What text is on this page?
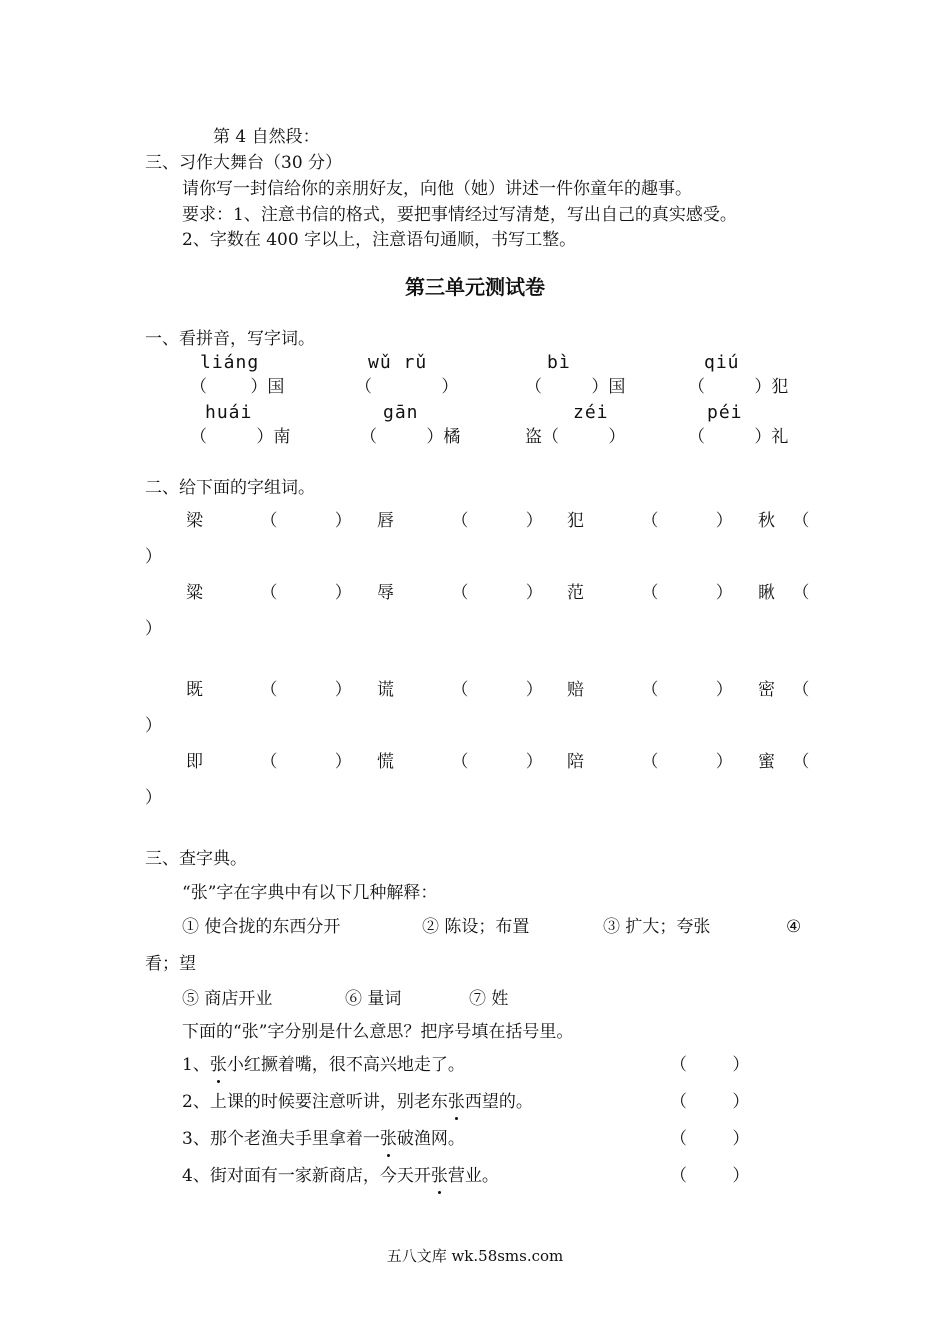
第 4 自然段：
三、习作大舞台（30 分）
请你写一封信给你的亲朋好友，向他（她）讲述一件你童年的趣事。
要求：1、注意书信的格式，要把事情经过写清楚，写出自己的真实感受。
2、字数在 400 字以上，注意语句通顺，书写工整。
第三单元测试卷
一、看拼音，写字词。
liáng	wǔ rǔ	bì	qiú
（ ）国	（ ）	（ ）国	（ ）犯
huái	gān	zéi	péi
（ ）南	（ ）橘	盗（ ）	（ ）礼
二、给下面的字组词。
梁 （ ） 唇 （ ） 犯 （ ） 秋 （
）
粱 （ ） 辱 （ ） 范 （ ） 瞅 （
）
既 （ ） 谎 （ ） 赔 （ ） 密 （
）
即 （ ） 慌 （ ） 陪 （ ） 蜜 （
）
三、查字典。
“张”字在字典中有以下几种解释：
① 使合拢的东西分开	② 陈设；布置	③ 扩大；夸张	④
看；望
⑤ 商店开业	⑥ 量词	⑦ 姓
下面的“张”字分别是什么意思？把序号填在括号里。
1、张小红撅着嘴，很不高兴地走了。	（ ）
2、上课的时候要注意听讲，别老东张西望的。	（ ）
3、那个老渔夫手里拿着一张破渔网。	（ ）
4、街对面有一家新商店，今天开张营业。	（ ）
五八文库 wk.58sms.com
